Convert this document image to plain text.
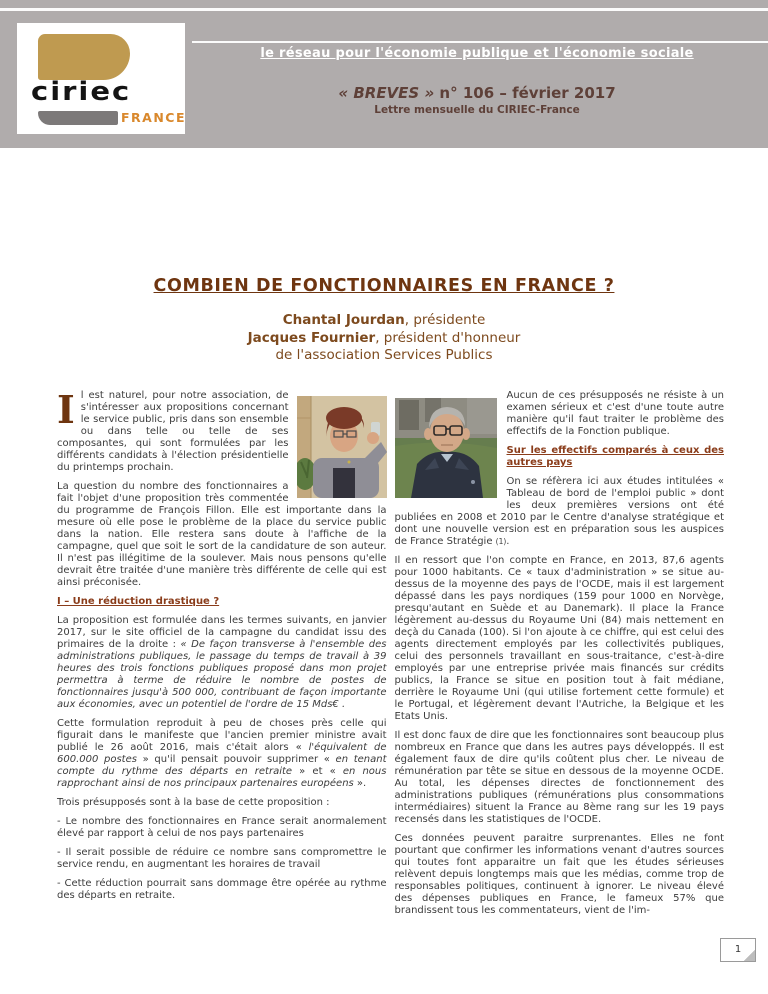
le réseau pour l'économie publique et l'économie sociale
« BREVES » n° 106 – février 2017
Lettre mensuelle du CIRIEC-France
ciriec
FRANCE
COMBIEN DE FONCTIONNAIRES EN FRANCE ?
Chantal Jourdan, présidente
Jacques Fournier, président d'honneur
de l'association Services Publics

Il est naturel, pour notre association, de s'intéresser aux propositions concernant le service public, pris dans son ensemble ou dans telle ou telle de ses composantes, qui sont formulées par les différents candidats à l'élection présidentielle du printemps prochain.

La question du nombre des fonctionnaires a fait l'objet d'une proposition très commentée du programme de François Fillon. Elle est importante dans la mesure où elle pose le problème de la place du service public dans la nation. Elle restera sans doute à l'affiche de la campagne, quel que soit le sort de la candidature de son auteur. Il n'est pas illégitime de la soulever. Mais nous pensons qu'elle devrait être traitée d'une manière très différente de celle qui est ainsi préconisée.

I – Une réduction drastique ?

La proposition est formulée dans les termes suivants, en janvier 2017, sur le site officiel de la campagne du candidat issu des primaires de la droite : « De façon transverse à l'ensemble des administrations publiques, le passage du temps de travail à 39 heures des trois fonctions publiques proposé dans mon projet permettra à terme de réduire le nombre de postes de fonctionnaires jusqu'à 500 000, contribuant de façon importante aux économies, avec un potentiel de l'ordre de 15 Mds€ .

Cette formulation reproduit à peu de choses près celle qui figurait dans le manifeste que l'ancien premier ministre avait publié le 26 août 2016, mais c'était alors « l'équivalent de 600.000 postes » qu'il pensait pouvoir supprimer « en tenant compte du rythme des départs en retraite » et « en nous rapprochant ainsi de nos principaux partenaires européens ».

Trois présupposés sont à la base de cette proposition :

- Le nombre des fonctionnaires en France serait anormalement élevé par rapport à celui de nos pays partenaires

- Il serait possible de réduire ce nombre sans compromettre le service rendu, en augmentant les horaires de travail

- Cette réduction pourrait sans dommage être opérée au rythme des départs en retraite.

Aucun de ces présupposés ne résiste à un examen sérieux et c'est d'une toute autre manière qu'il faut traiter le problème des effectifs de la Fonction publique.

Sur les effectifs comparés à ceux des autres pays

On se réfèrera ici aux études intitulées « Tableau de bord de l'emploi public » dont les deux premières versions ont été publiées en 2008 et 2010 par le Centre d'analyse stratégique et dont une nouvelle version est en préparation sous les auspices de France Stratégie (1).

Il en ressort que l'on compte en France, en 2013, 87,6 agents pour 1000 habitants. Ce « taux d'administration » se situe au-dessus de la moyenne des pays de l'OCDE, mais il est largement dépassé dans les pays nordiques (159 pour 1000 en Norvège, presqu'autant en Suède et au Danemark). Il place la France légèrement au-dessus du Royaume Uni (84) mais nettement en deçà du Canada (100). Si l'on ajoute à ce chiffre, qui est celui des agents directement employés par les collectivités publiques, celui des personnels travaillant en sous-traitance, c'est-à-dire employés par une entreprise privée mais financés sur crédits publics, la France se situe en position tout à fait médiane, derrière le Royaume Uni (qui utilise fortement cette formule) et le Portugal, et légèrement devant l'Autriche, la Belgique et les Etats Unis.

Il est donc faux de dire que les fonctionnaires sont beaucoup plus nombreux en France que dans les autres pays développés. Il est également faux de dire qu'ils coûtent plus cher. Le niveau de rémunération par tête se situe en dessous de la moyenne OCDE. Au total, les dépenses directes de fonctionnement des administrations publiques (rémunérations plus consommations intermédiaires) situent la France au 8ème rang sur les 19 pays recensés dans les statistiques de l'OCDE.

Ces données peuvent paraitre surprenantes. Elles ne font pourtant que confirmer les informations venant d'autres sources qui toutes font apparaitre un fait que les études sérieuses relèvent depuis longtemps mais que les médias, comme trop de responsables politiques, continuent à ignorer. Le niveau élevé des dépenses publiques en France, le fameux 57% que brandissent tous les commentateurs, vient de l'im-

1
